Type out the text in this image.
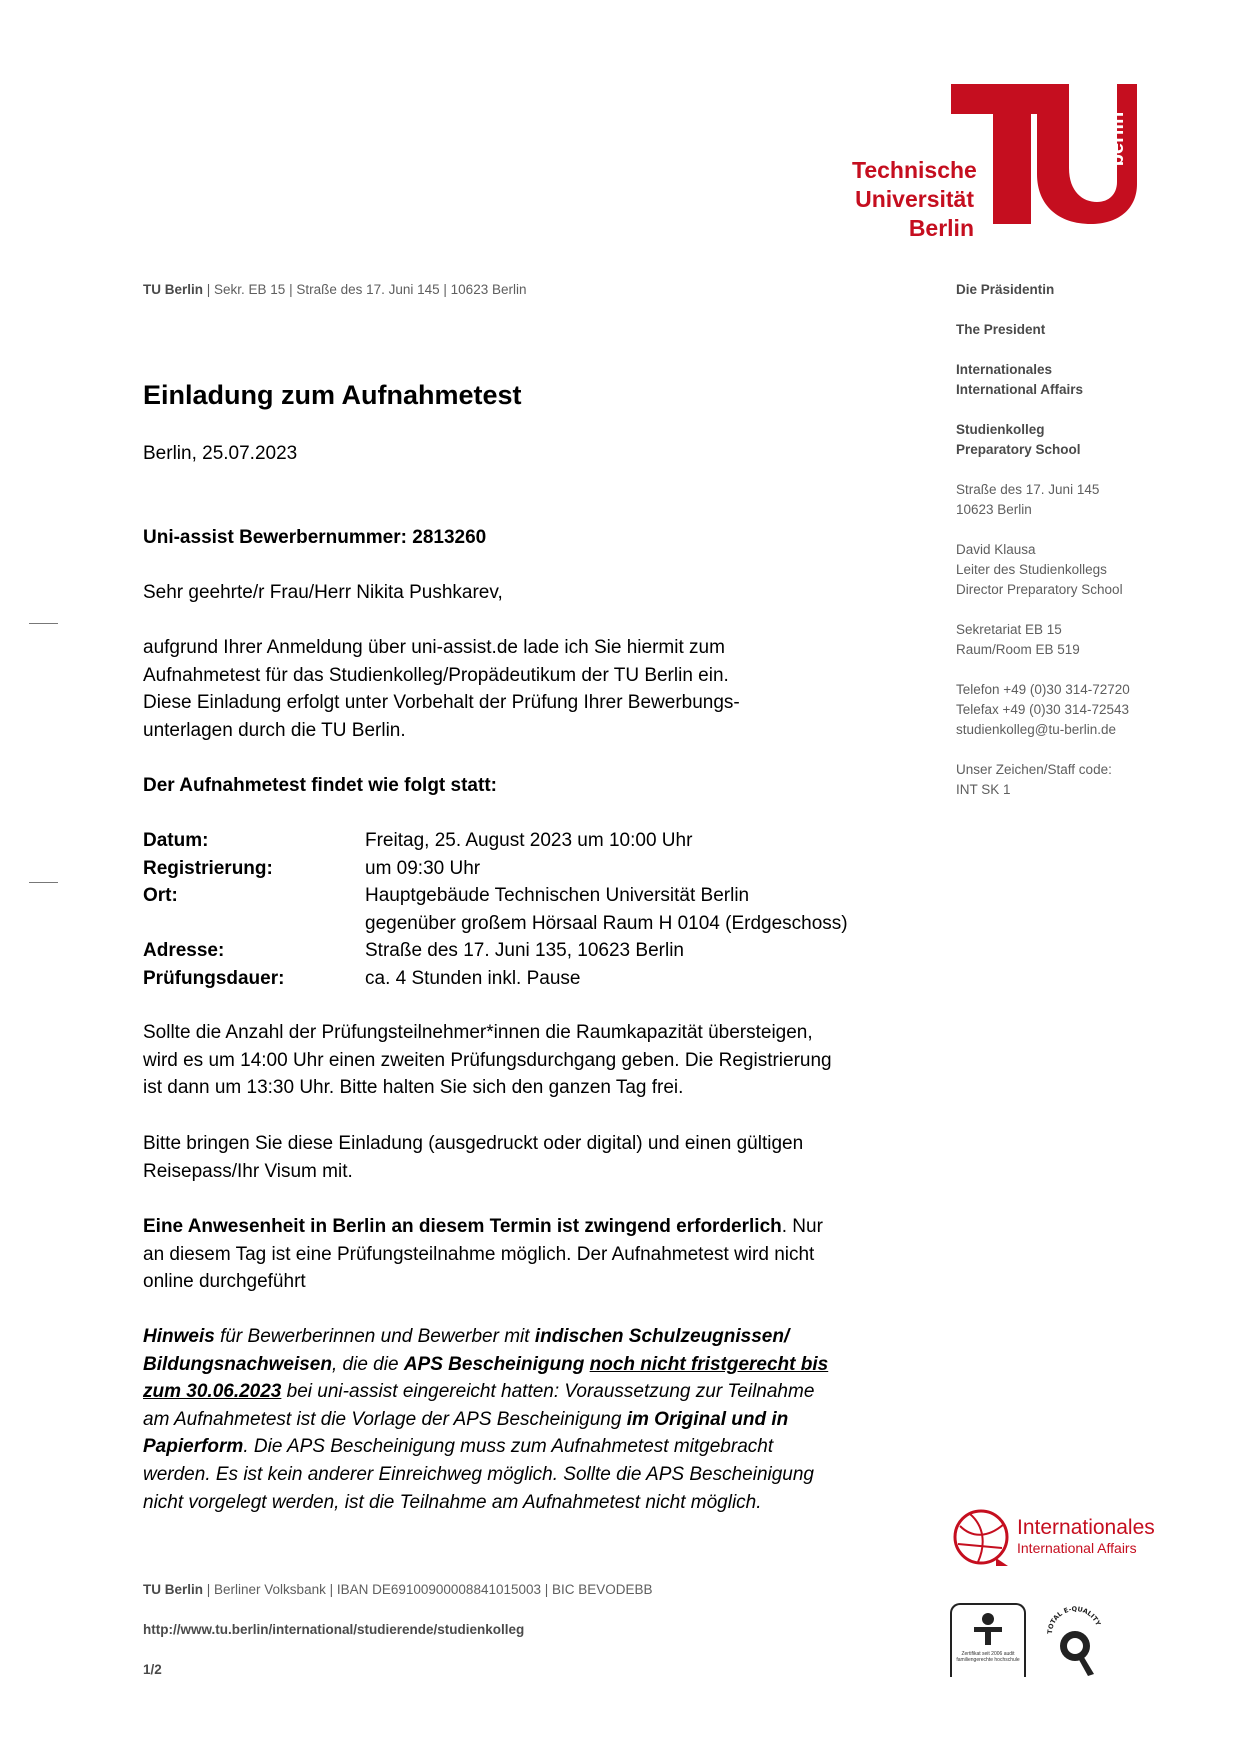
Technische
Universität
Berlin
berlin
TU Berlin | Sekr. EB 15 | Straße des 17. Juni 145 | 10623 Berlin	Die Präsidentin

The President

Internationales

International Affairs

Studienkolleg

Preparatory School

Straße des 17. Juni 145

10623 Berlin

David Klausa

Leiter des Studienkollegs

Director Preparatory School

Sekretariat EB 15

Raum/Room EB 519

Telefon +49 (0)30 314-72720

Telefax +49 (0)30 314-72543

studienkolleg@tu-berlin.de

Unser Zeichen/Staff code:

INT SK 1

Einladung zum Aufnahmetest
Berlin, 25.07.2023
Uni-assist Bewerbernummer: 2813260
Sehr geehrte/r Frau/Herr Nikita Pushkarev,
aufgrund Ihrer Anmeldung über uni-assist.de lade ich Sie hiermit zum
Aufnahmetest für das Studienkolleg/Propädeutikum der TU Berlin ein.
Diese Einladung erfolgt unter Vorbehalt der Prüfung Ihrer Bewerbungs-
unterlagen durch die TU Berlin.
Der Aufnahmetest findet wie folgt statt:
Datum:	Freitag, 25. August 2023 um 10:00 Uhr
Registrierung:	um 09:30 Uhr
Ort:	Hauptgebäude Technischen Universität Berlin
gegenüber großem Hörsaal Raum H 0104 (Erdgeschoss)
Adresse:	Straße des 17. Juni 135, 10623 Berlin
Prüfungsdauer:	ca. 4 Stunden inkl. Pause
Sollte die Anzahl der Prüfungsteilnehmer*innen die Raumkapazität übersteigen,
wird es um 14:00 Uhr einen zweiten Prüfungsdurchgang geben. Die Registrierung
ist dann um 13:30 Uhr. Bitte halten Sie sich den ganzen Tag frei.
Bitte bringen Sie diese Einladung (ausgedruckt oder digital) und einen gültigen
Reisepass/Ihr Visum mit.
Eine Anwesenheit in Berlin an diesem Termin ist zwingend erforderlich. Nur
an diesem Tag ist eine Prüfungsteilnahme möglich. Der Aufnahmetest wird nicht
online durchgeführt
Hinweis für Bewerberinnen und Bewerber mit indischen Schulzeugnissen/
Bildungsnachweisen, die die APS Bescheinigung noch nicht fristgerecht bis
zum 30.06.2023 bei uni-assist eingereicht hatten: Voraussetzung zur Teilnahme
am Aufnahmetest ist die Vorlage der APS Bescheinigung im Original und in
Papierform. Die APS Bescheinigung muss zum Aufnahmetest mitgebracht
werden. Es ist kein anderer Einreichweg möglich. Sollte die APS Bescheinigung
nicht vorgelegt werden, ist die Teilnahme am Aufnahmetest nicht möglich.
Internationales
International Affairs
Zertifikat seit 2006 audit familiengerechte hochschule
TOTAL E-QUALITY
TU Berlin | Berliner Volksbank | IBAN DE69100900008841015003 | BIC BEVODEBB
http://www.tu.berlin/international/studierende/studienkolleg
1/2
